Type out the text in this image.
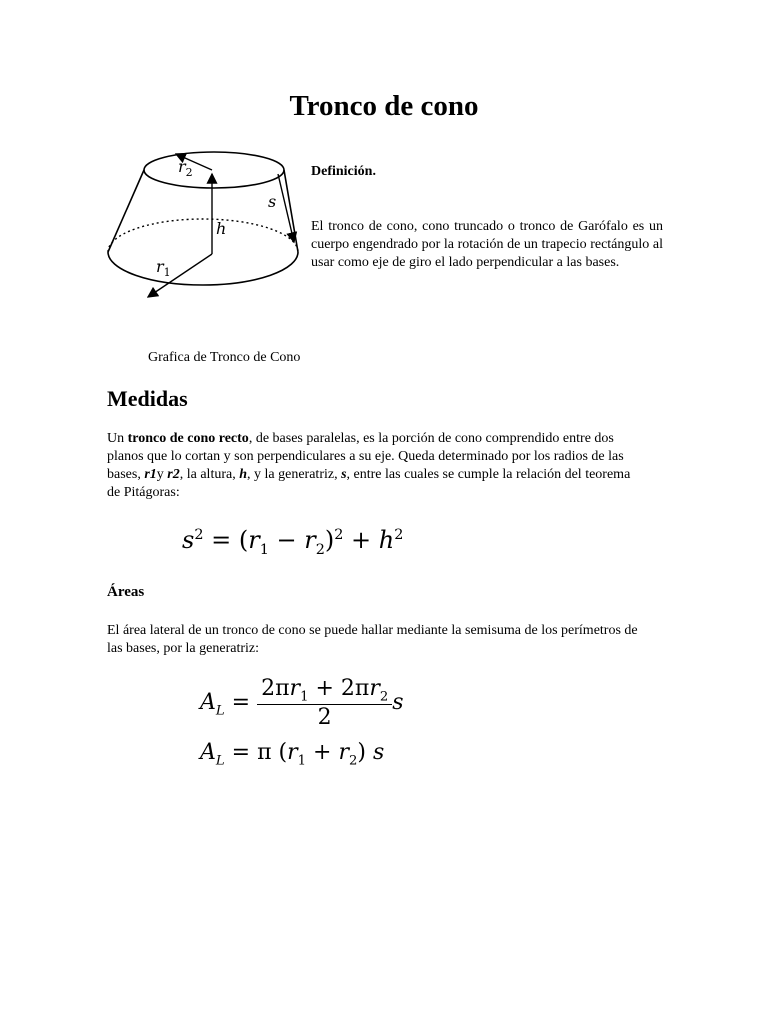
Tronco de cono
$r_2$
s
h
$r_1$
Grafica de Tronco de Cono
Definición.
El tronco de cono, cono truncado o tronco de Garófalo es un cuerpo engendrado por la rotación de un trapecio rectángulo al usar como eje de giro el lado perpendicular a las bases.
Medidas
Un tronco de cono recto, de bases paralelas, es la porción de cono comprendido entre dos planos que lo cortan y son perpendiculares a su eje. Queda determinado por los radios de las bases, r1y r2, la altura, h, y la generatriz, s, entre las cuales se cumple la relación del teorema de Pitágoras:
$s^2 = (r_1 - r_2)^2 + h^2$
Áreas
El área lateral de un tronco de cono se puede hallar mediante la semisuma de los perímetros de las bases, por la generatriz:
$A_L = \frac{2\pi r_1 + 2\pi r_2}{2}$ s
$A_L = \pi$ $(r_1 + r_2)$ s
